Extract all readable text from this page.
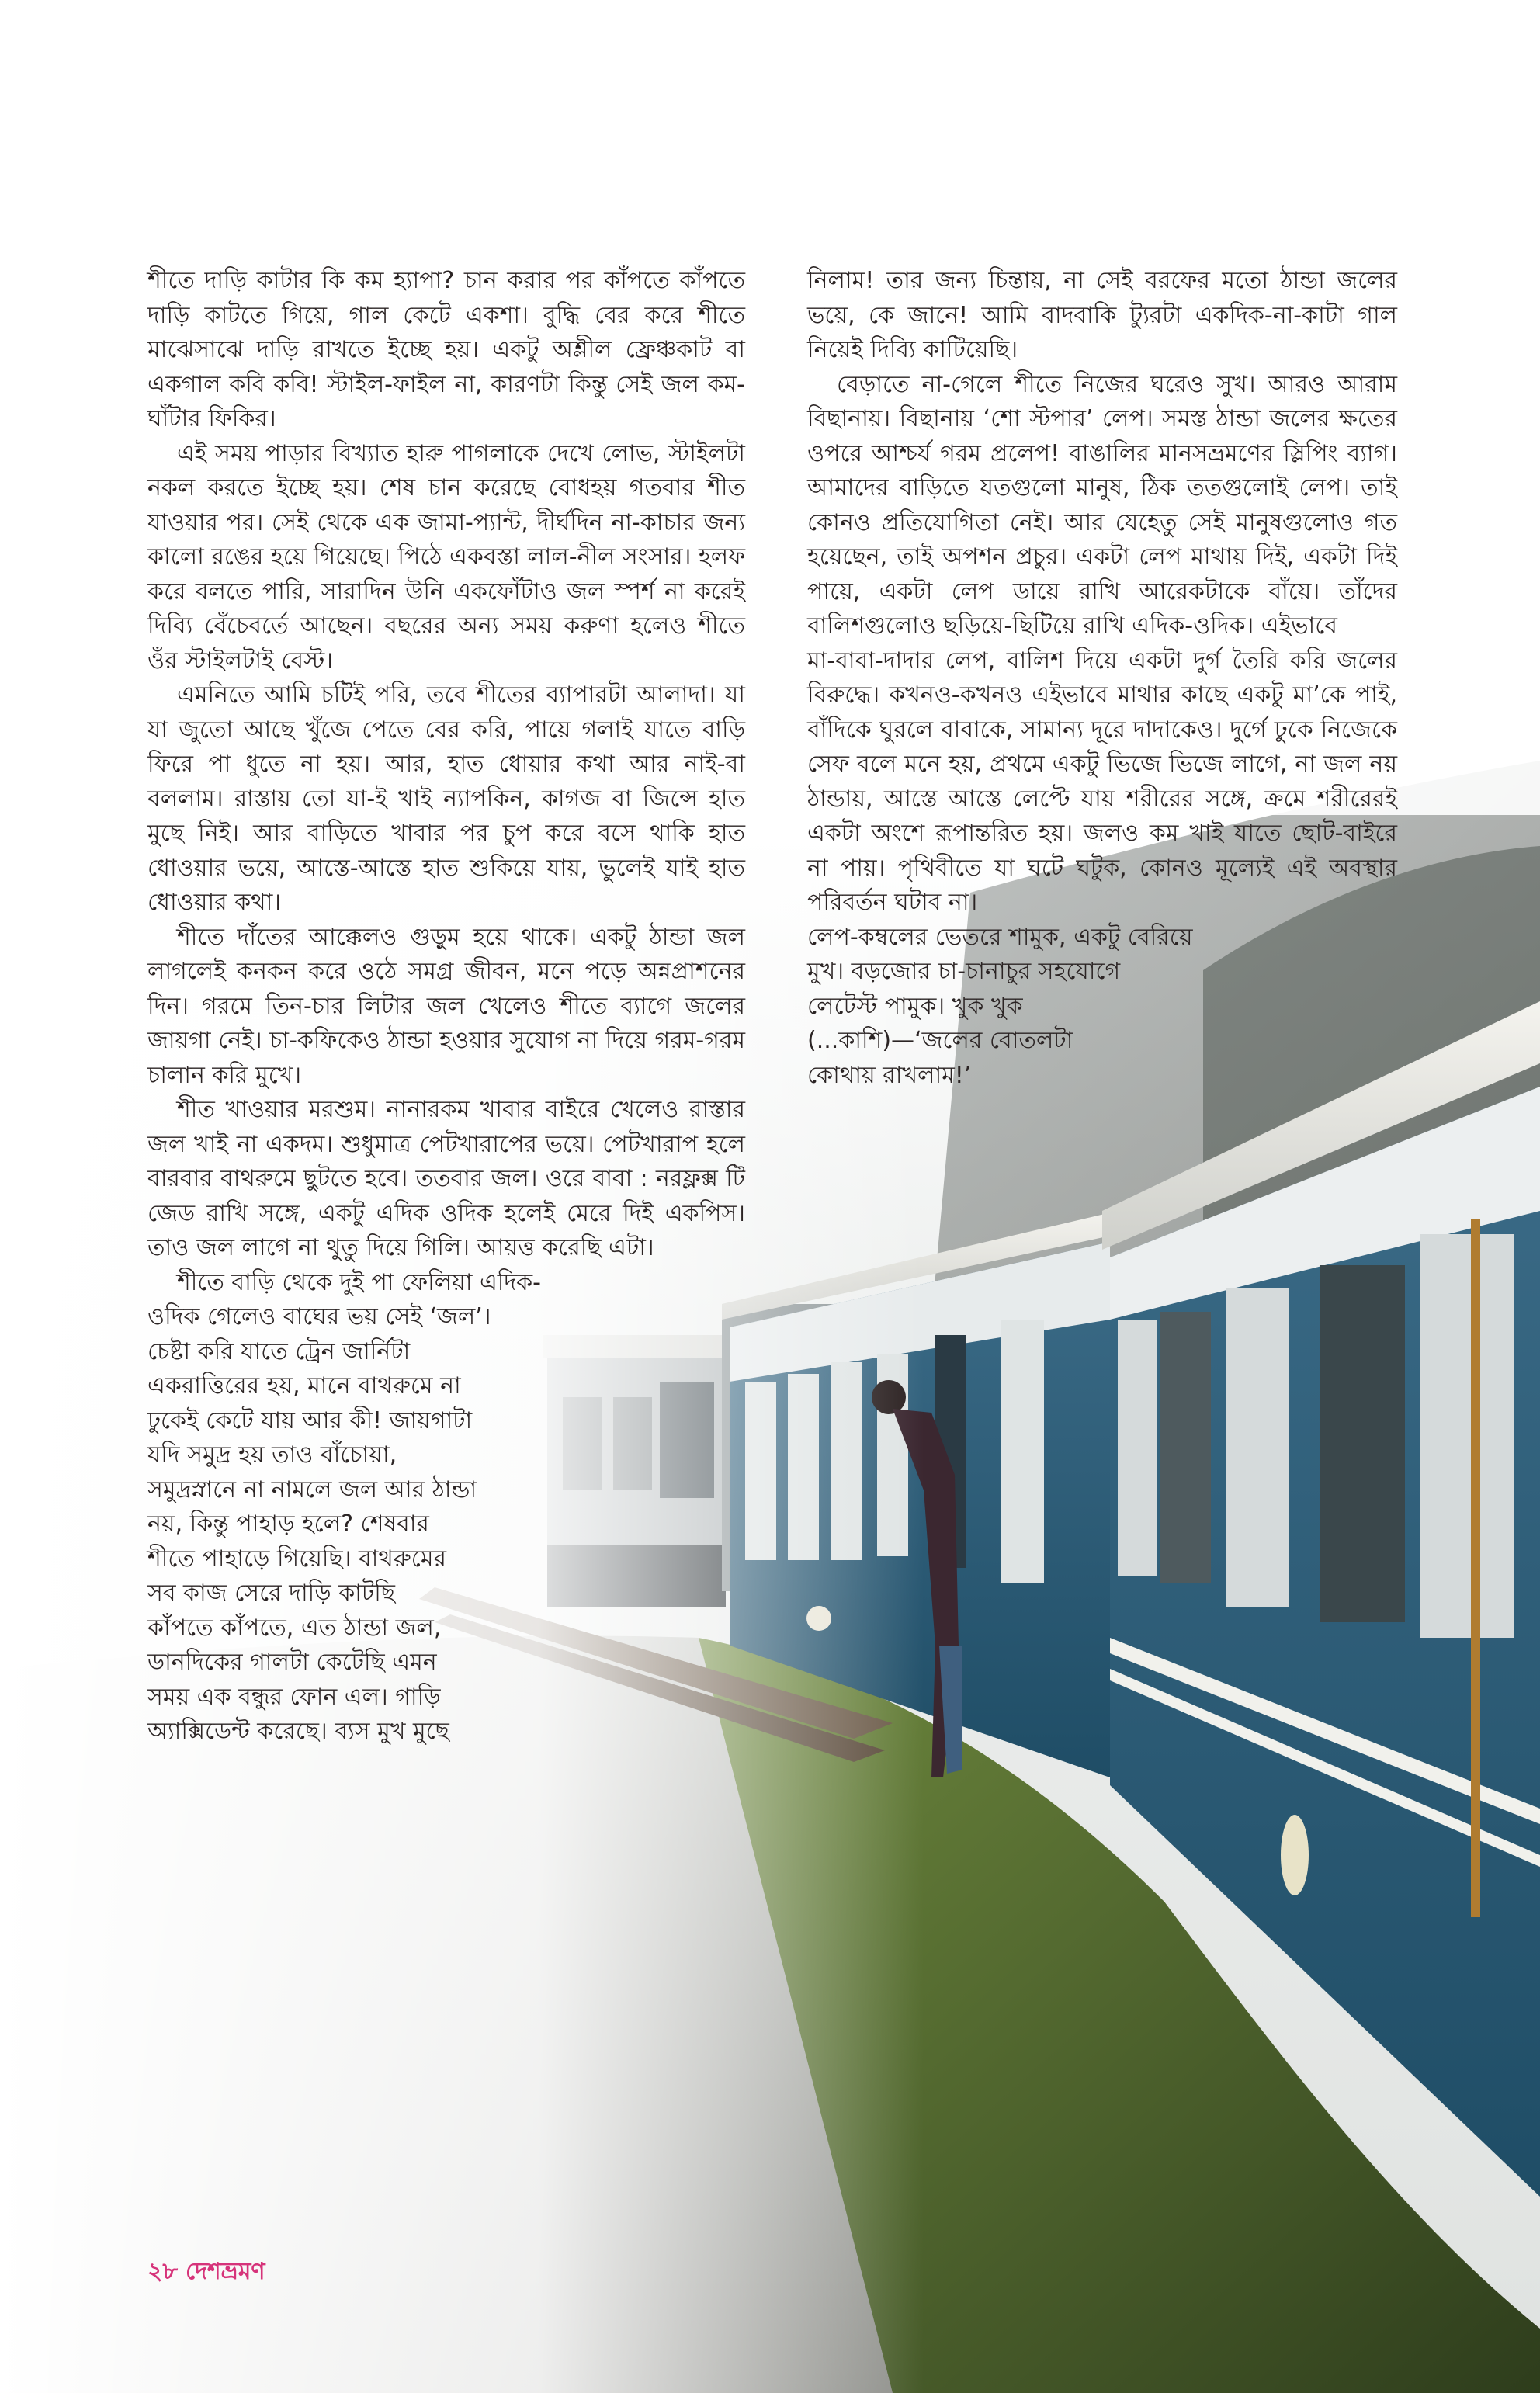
শীতে দাড়ি কাটার কি কম হ্যাপা? চান করার পর কাঁপতে কাঁপতে দাড়ি কাটতে গিয়ে, গাল কেটে একশা। বুদ্ধি বের করে শীতে মাঝেসাঝে দাড়ি রাখতে ইচ্ছে হয়। একটু অশ্লীল ফ্রেঞ্চকাট বা একগাল কবি কবি! স্টাইল-ফাইল না, কারণটা কিন্তু সেই জল কম-ঘাঁটার ফিকির।

এই সময় পাড়ার বিখ্যাত হারু পাগলাকে দেখে লোভ, স্টাইলটা নকল করতে ইচ্ছে হয়। শেষ চান করেছে বোধহয় গতবার শীত যাওয়ার পর। সেই থেকে এক জামা-প্যান্ট, দীর্ঘদিন না-কাচার জন্য কালো রঙের হয়ে গিয়েছে। পিঠে একবস্তা লাল-নীল সংসার। হলফ করে বলতে পারি, সারাদিন উনি একফোঁটাও জল স্পর্শ না করেই দিব্যি বেঁচেবর্তে আছেন। বছরের অন্য সময় করুণা হলেও শীতে ওঁর স্টাইলটাই বেস্ট।

এমনিতে আমি চটিই পরি, তবে শীতের ব্যাপারটা আলাদা। যা যা জুতো আছে খুঁজে পেতে বের করি, পায়ে গলাই যাতে বাড়ি ফিরে পা ধুতে না হয়। আর, হাত ধোয়ার কথা আর নাই-বা বললাম। রাস্তায় তো যা-ই খাই ন্যাপকিন, কাগজ বা জিন্সে হাত মুছে নিই। আর বাড়িতে খাবার পর চুপ করে বসে থাকি হাত ধোওয়ার ভয়ে, আস্তে-আস্তে হাত শুকিয়ে যায়, ভুলেই যাই হাত ধোওয়ার কথা।

শীতে দাঁতের আক্কেলও গুড়ুম হয়ে থাকে। একটু ঠান্ডা জল লাগলেই কনকন করে ওঠে সমগ্র জীবন, মনে পড়ে অন্নপ্রাশনের দিন। গরমে তিন-চার লিটার জল খেলেও শীতে ব্যাগে জলের জায়গা নেই। চা-কফিকেও ঠান্ডা হওয়ার সুযোগ না দিয়ে গরম-গরম চালান করি মুখে।

শীত খাওয়ার মরশুম। নানারকম খাবার বাইরে খেলেও রাস্তার জল খাই না একদম। শুধুমাত্র পেটখারাপের ভয়ে। পেটখারাপ হলে বারবার বাথরুমে ছুটতে হবে। ততবার জল। ওরে বাবা : নরফ্লক্স টি জেড রাখি সঙ্গে, একটু এদিক ওদিক হলেই মেরে দিই একপিস। তাও জল লাগে না থুতু দিয়ে গিলি। আয়ত্ত করেছি এটা।

শীতে বাড়ি থেকে দুই পা ফেলিয়া এদিক-
ওদিক গেলেও বাঘের ভয় সেই ‘জল’।
চেষ্টা করি যাতে ট্রেন জার্নিটা
একরাত্তিরের হয়, মানে বাথরুমে না
ঢুকেই কেটে যায় আর কী! জায়গাটা
যদি সমুদ্র হয় তাও বাঁচোয়া,
সমুদ্রস্নানে না নামলে জল আর ঠান্ডা
নয়, কিন্তু পাহাড় হলে? শেষবার
শীতে পাহাড়ে গিয়েছি। বাথরুমের
সব কাজ সেরে দাড়ি কাটছি
কাঁপতে কাঁপতে, এত ঠান্ডা জল,
ডানদিকের গালটা কেটেছি এমন
সময় এক বন্ধুর ফোন এল। গাড়ি
অ্যাক্সিডেন্ট করেছে। ব্যস মুখ মুছে

নিলাম! তার জন্য চিন্তায়, না সেই বরফের মতো ঠান্ডা জলের ভয়ে, কে জানে! আমি বাদবাকি ট্যুরটা একদিক-না-কাটা গাল নিয়েই দিব্যি কাটিয়েছি।

বেড়াতে না-গেলে শীতে নিজের ঘরেও সুখ। আরও আরাম বিছানায়। বিছানায় ‘শো স্টপার’ লেপ। সমস্ত ঠান্ডা জলের ক্ষতের ওপরে আশ্চর্য গরম প্রলেপ! বাঙালির মানসভ্রমণের স্লিপিং ব্যাগ। আমাদের বাড়িতে যতগুলো মানুষ, ঠিক ততগুলোই লেপ। তাই কোনও প্রতিযোগিতা নেই। আর যেহেতু সেই মানুষগুলোও গত হয়েছেন, তাই অপশন প্রচুর। একটা লেপ মাথায় দিই, একটা দিই পায়ে, একটা লেপ ডায়ে রাখি আরেকটাকে বাঁয়ে। তাঁদের বালিশগুলোও ছড়িয়ে-ছিটিয়ে রাখি এদিক-ওদিক। এইভাবে

মা-বাবা-দাদার লেপ, বালিশ দিয়ে একটা দুর্গ তৈরি করি জলের বিরুদ্ধে। কখনও-কখনও এইভাবে মাথার কাছে একটু মা’কে পাই, বাঁদিকে ঘুরলে বাবাকে, সামান্য দূরে দাদাকেও। দুর্গে ঢুকে নিজেকে সেফ বলে মনে হয়, প্রথমে একটু ভিজে ভিজে লাগে, না জল নয় ঠান্ডায়, আস্তে আস্তে লেপ্টে যায় শরীরের সঙ্গে, ক্রমে শরীরেরই একটা অংশে রূপান্তরিত হয়। জলও কম খাই যাতে ছোট-বাইরে না পায়। পৃথিবীতে যা ঘটে ঘটুক, কোনও মূল্যেই এই অবস্থার পরিবর্তন ঘটাব না।

লেপ-কম্বলের ভেতরে শামুক, একটু বেরিয়ে
মুখ। বড়জোর চা-চানাচুর সহযোগে
লেটেস্ট পামুক। খুক খুক
(...কাশি)—‘জলের বোতলটা
কোথায় রাখলাম!’
২৮ দেশভ্রমণ
